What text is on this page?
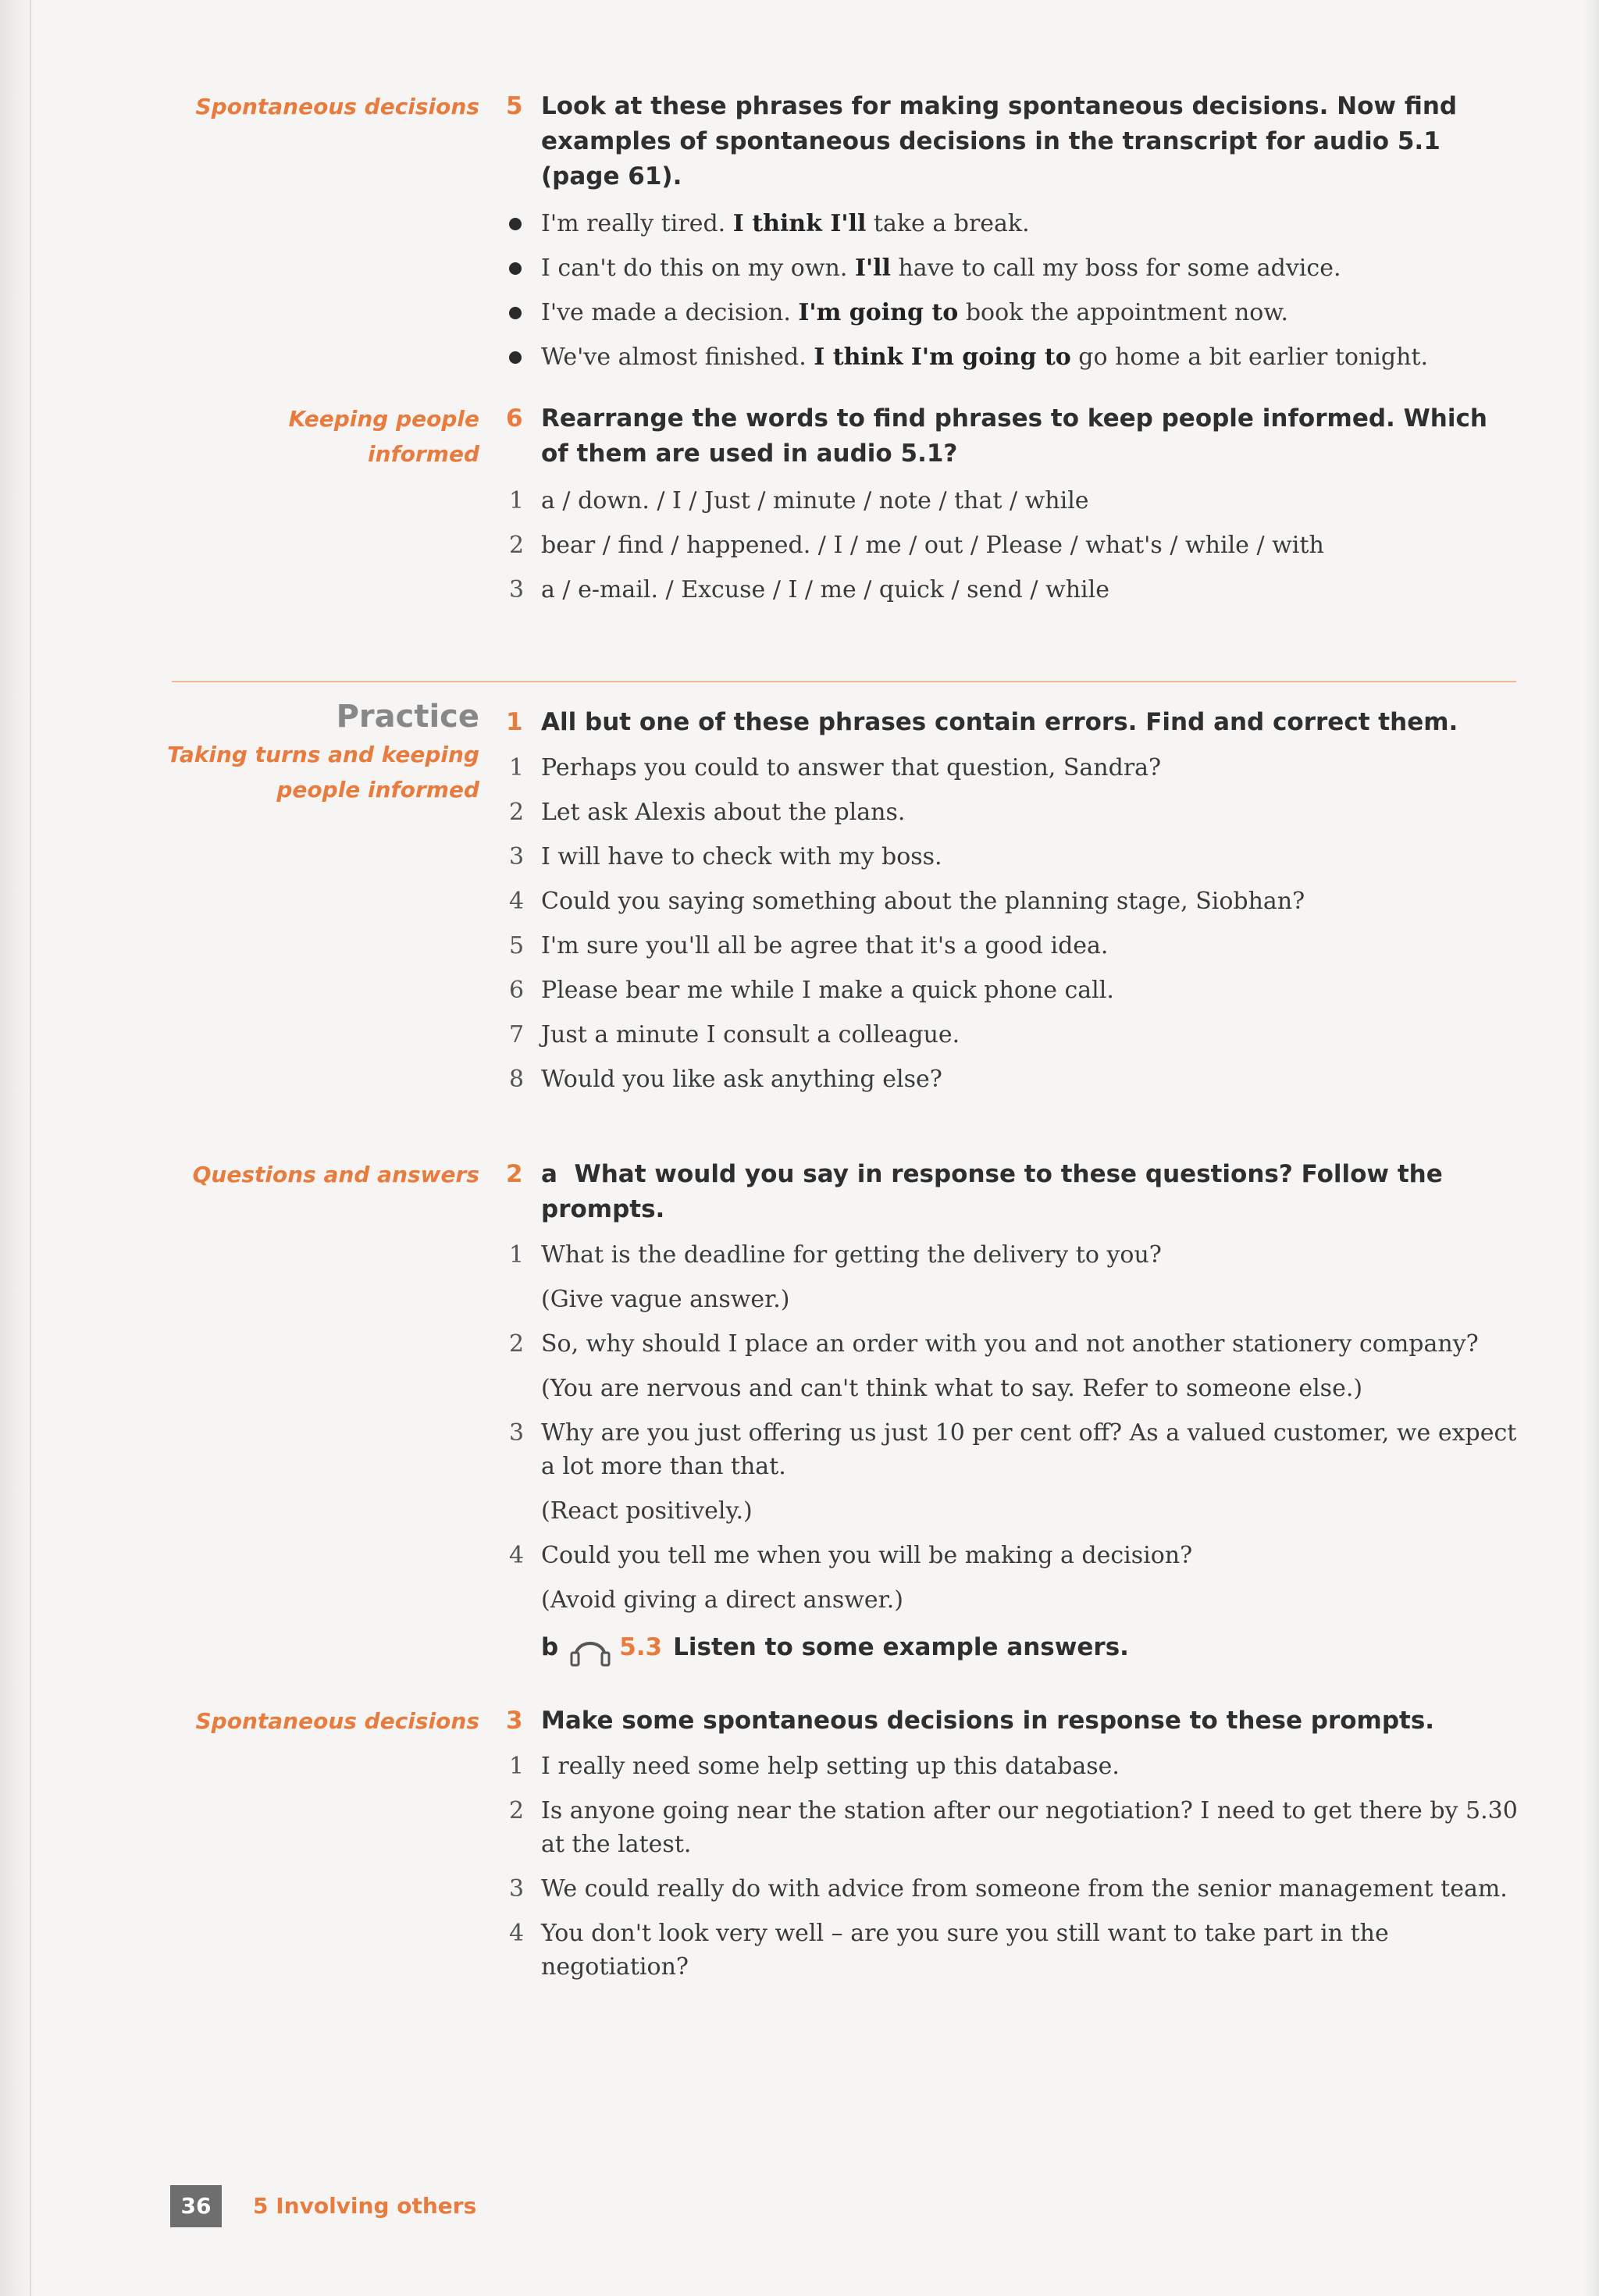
Spontaneous decisions 5 Look at these phrases for making spontaneous decisions. Now find examples of spontaneous decisions in the transcript for audio 5.1 (page 61).
I'm really tired. I think I'll take a break.
I can't do this on my own. I'll have to call my boss for some advice.
I've made a decision. I'm going to book the appointment now.
We've almost finished. I think I'm going to go home a bit earlier tonight.
Keeping people
informed
6 Rearrange the words to find phrases to keep people informed. Which of them are used in audio 5.1?
1 a / down. / I / Just / minute / note / that / while
2 bear / find / happened. / I / me / out / Please / what's / while / with
3 a / e-mail. / Excuse / I / me / quick / send / while
Practice
Taking turns and keeping
people informed
1 All but one of these phrases contain errors. Find and correct them.
1 Perhaps you could to answer that question, Sandra?
2 Let ask Alexis about the plans.
3 I will have to check with my boss.
4 Could you saying something about the planning stage, Siobhan?
5 I'm sure you'll all be agree that it's a good idea.
6 Please bear me while I make a quick phone call.
7 Just a minute I consult a colleague.
8 Would you like ask anything else?
Questions and answers 2 a What would you say in response to these questions? Follow the prompts.
1 What is the deadline for getting the delivery to you?
(Give vague answer.)
2 So, why should I place an order with you and not another stationery company?
(You are nervous and can't think what to say. Refer to someone else.)
3 Why are you just offering us just 10 per cent off? As a valued customer, we expect a lot more than that.
(React positively.)
4 Could you tell me when you will be making a decision?
(Avoid giving a direct answer.)
b	5.3 Listen to some example answers.
Spontaneous decisions 3 Make some spontaneous decisions in response to these prompts.
1 I really need some help setting up this database.
2 Is anyone going near the station after our negotiation? I need to get there by 5.30 at the latest.
3 We could really do with advice from someone from the senior management team.
4 You don't look very well – are you sure you still want to take part in the negotiation?
36	5 Involving others
